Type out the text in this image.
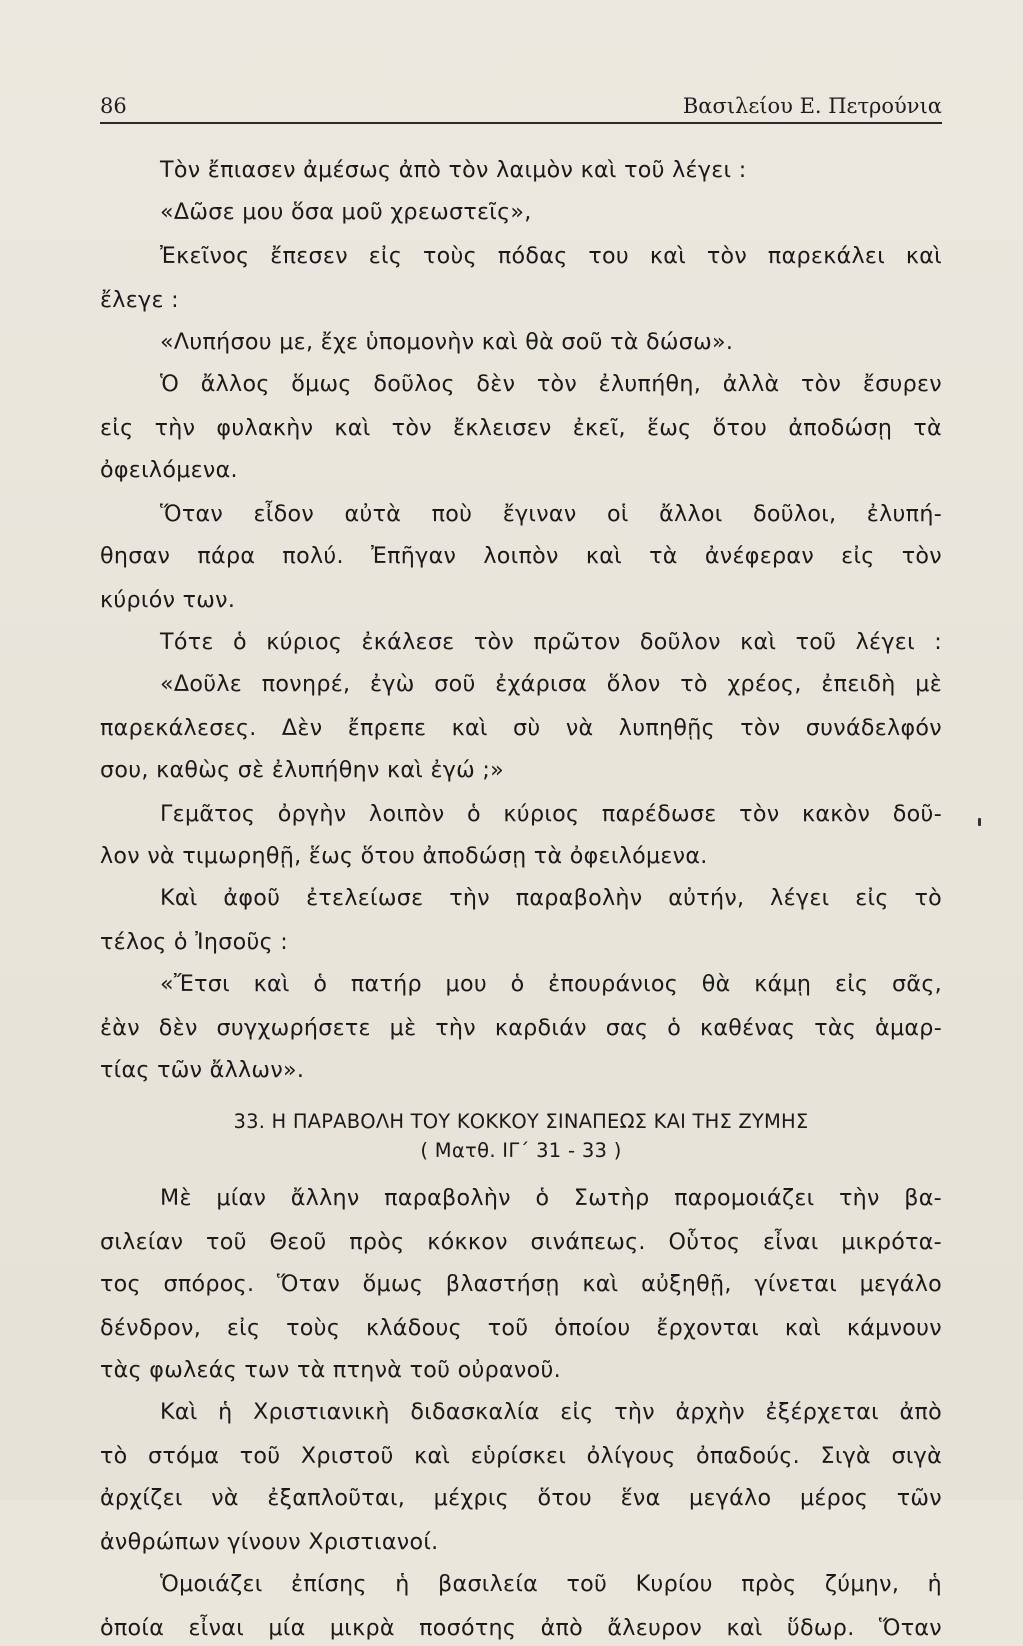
86	Βασιλείου Ε. Πετρούνια
Τὸν ἔπιασεν ἀμέσως ἀπὸ τὸν λαιμὸν καὶ τοῦ λέγει :
«Δῶσε μου ὅσα μοῦ χρεωστεῖς»,
Ἐκεῖνος ἔπεσεν εἰς τοὺς πόδας του καὶ τὸν παρεκάλει καὶ
ἔλεγε :
«Λυπήσου με, ἔχε ὑπομονὴν καὶ θὰ σοῦ τὰ δώσω».
Ὁ ἄλλος ὅμως δοῦλος δὲν τὸν ἐλυπήθη, ἀλλὰ τὸν ἔσυρεν
εἰς τὴν φυλακὴν καὶ τὸν ἔκλεισεν ἐκεῖ, ἕως ὅτου ἀποδώσῃ τὰ
ὀφειλόμενα.
Ὅταν εἶδον αὐτὰ ποὺ ἔγιναν οἱ ἄλλοι δοῦλοι, ἐλυπή-
θησαν πάρα πολύ. Ἐπῆγαν λοιπὸν καὶ τὰ ἀνέφεραν εἰς τὸν
κύριόν των.
Τότε ὁ κύριος ἐκάλεσε τὸν πρῶτον δοῦλον καὶ τοῦ λέγει :
«Δοῦλε πονηρέ, ἐγὼ σοῦ ἐχάρισα ὅλον τὸ χρέος, ἐπειδὴ μὲ
παρεκάλεσες. Δὲν ἔπρεπε καὶ σὺ νὰ λυπηθῇς τὸν συνάδελφόν
σου, καθὼς σὲ ἐλυπήθην καὶ ἐγώ ;»
Γεμᾶτος ὀργὴν λοιπὸν ὁ κύριος παρέδωσε τὸν κακὸν δοῦ-
λον νὰ τιμωρηθῇ, ἕως ὅτου ἀποδώσῃ τὰ ὀφειλόμενα.
Καὶ ἀφοῦ ἐτελείωσε τὴν παραβολὴν αὐτήν, λέγει εἰς τὸ
τέλος ὁ Ἰησοῦς :
«Ἔτσι καὶ ὁ πατήρ μου ὁ ἐπουράνιος θὰ κάμῃ εἰς σᾶς,
ἐὰν δὲν συγχωρήσετε μὲ τὴν καρδιάν σας ὁ καθένας τὰς ἁμαρ-
τίας τῶν ἄλλων».
33. Η ΠΑΡΑΒΟΛΗ ΤΟΥ ΚΟΚΚΟΥ ΣΙΝΑΠΕΩΣ ΚΑΙ ΤΗΣ ΖΥΜΗΣ
( Ματθ. ΙΓ΄ 31 - 33 )
Μὲ μίαν ἄλλην παραβολὴν ὁ Σωτὴρ παρομοιάζει τὴν βα-
σιλείαν τοῦ Θεοῦ πρὸς κόκκον σινάπεως. Οὗτος εἶναι μικρότα-
τος σπόρος. Ὅταν ὅμως βλαστήσῃ καὶ αὐξηθῇ, γίνεται μεγάλο
δένδρον, εἰς τοὺς κλάδους τοῦ ὁποίου ἔρχονται καὶ κάμνουν
τὰς φωλεάς των τὰ πτηνὰ τοῦ οὐρανοῦ.
Καὶ ἡ Χριστιανικὴ διδασκαλία εἰς τὴν ἀρχὴν ἐξέρχεται ἀπὸ
τὸ στόμα τοῦ Χριστοῦ καὶ εὑρίσκει ὀλίγους ὀπαδούς. Σιγὰ σιγὰ
ἀρχίζει νὰ ἐξαπλοῦται, μέχρις ὅτου ἕνα μεγάλο μέρος τῶν
ἀνθρώπων γίνουν Χριστιανοί.
Ὁμοιάζει ἐπίσης ἡ βασιλεία τοῦ Κυρίου πρὸς ζύμην, ἡ
ὁποία εἶναι μία μικρὰ ποσότης ἀπὸ ἄλευρον καὶ ὕδωρ. Ὅταν
